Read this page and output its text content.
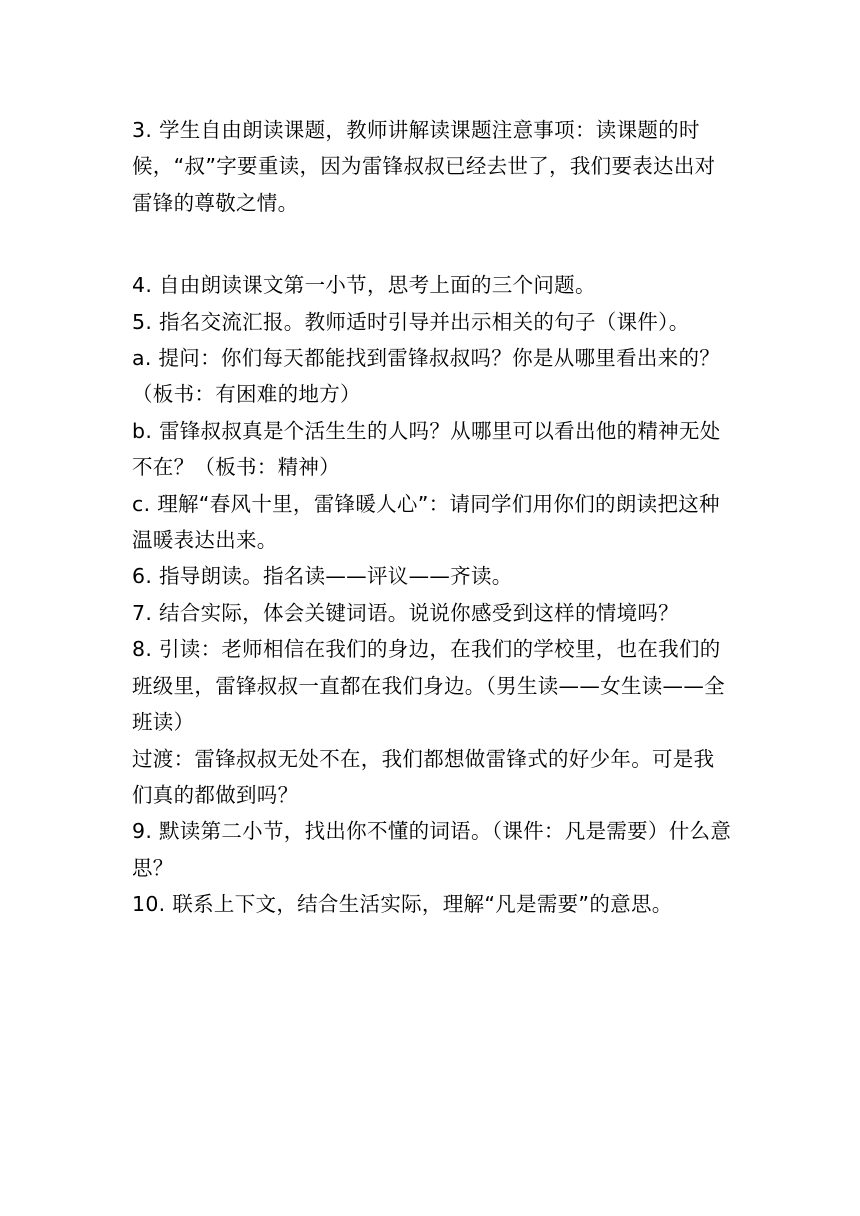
3. 学生自由朗读课题，教师讲解读课题注意事项：读课题的时候，“叔”字要重读，因为雷锋叔叔已经去世了，我们要表达出对雷锋的尊敬之情。

4. 自由朗读课文第一小节，思考上面的三个问题。

5. 指名交流汇报。教师适时引导并出示相关的句子（课件）。

a. 提问：你们每天都能找到雷锋叔叔吗？你是从哪里看出来的？（板书：有困难的地方）

b. 雷锋叔叔真是个活生生的人吗？从哪里可以看出他的精神无处不在？（板书：精神）

c. 理解“春风十里，雷锋暖人心”：请同学们用你们的朗读把这种温暖表达出来。

6. 指导朗读。指名读——评议——齐读。

7. 结合实际，体会关键词语。说说你感受到这样的情境吗？

8. 引读：老师相信在我们的身边，在我们的学校里，也在我们的班级里，雷锋叔叔一直都在我们身边。（男生读——女生读——全班读）

过渡：雷锋叔叔无处不在，我们都想做雷锋式的好少年。可是我们真的都做到吗？

9. 默读第二小节，找出你不懂的词语。（课件：凡是需要）什么意思？

10. 联系上下文，结合生活实际，理解“凡是需要”的意思。
